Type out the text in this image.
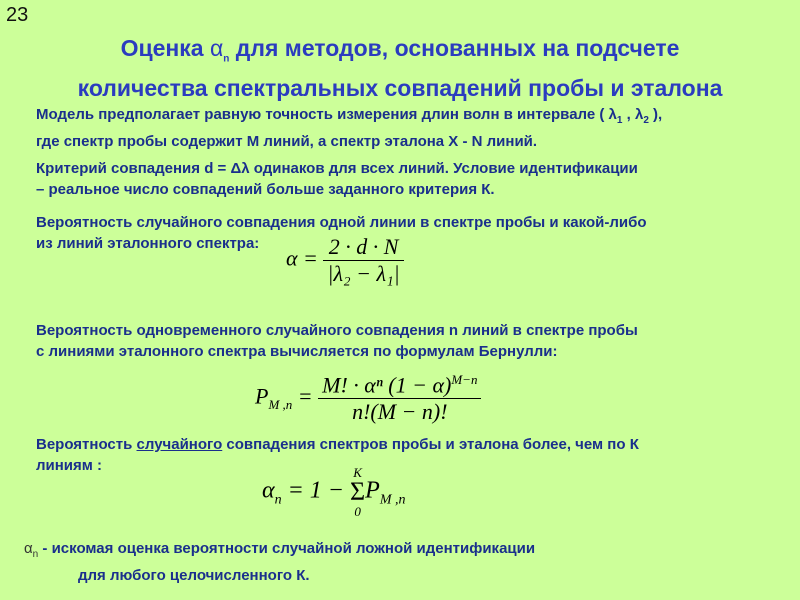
23
Оценка $\alpha_n$ для методов, основанных на подсчете
количества спектральных совпадений пробы и эталона
Модель предполагает равную точность измерения длин волн в интервале ( $\lambda_1$ , $\lambda_2$ ),
где спектр пробы содержит М линий, а спектр эталона Х - N линий.
Критерий совпадения d = Δλ одинаков для всех линий. Условие идентификации
– реальное число совпадений больше заданного критерия К.
Вероятность случайного совпадения одной линии в спектре пробы и какой-либо
из линий эталонного спектра:
$\alpha = \frac{2 \cdot d \cdot N}{\text{|λ₂ − λ₁|}}$
Вероятность одновременного случайного совпадения n линий в спектре пробы
с линиями эталонного спектра вычисляется по формулам Бернулли:
$P_{M ,n} = \frac{M! \cdot \alpha^n (1 - \alpha)^{M-n}}{n!(M - n)!}$
Вероятность случайного совпадения спектров пробы и эталона более, чем по К
линиям :
$\alpha_n = 1$ −
K
Σ
0
$P_{M ,n}$
$\alpha_n$ - искомая оценка вероятности случайной ложной идентификации
для любого целочисленного К.
